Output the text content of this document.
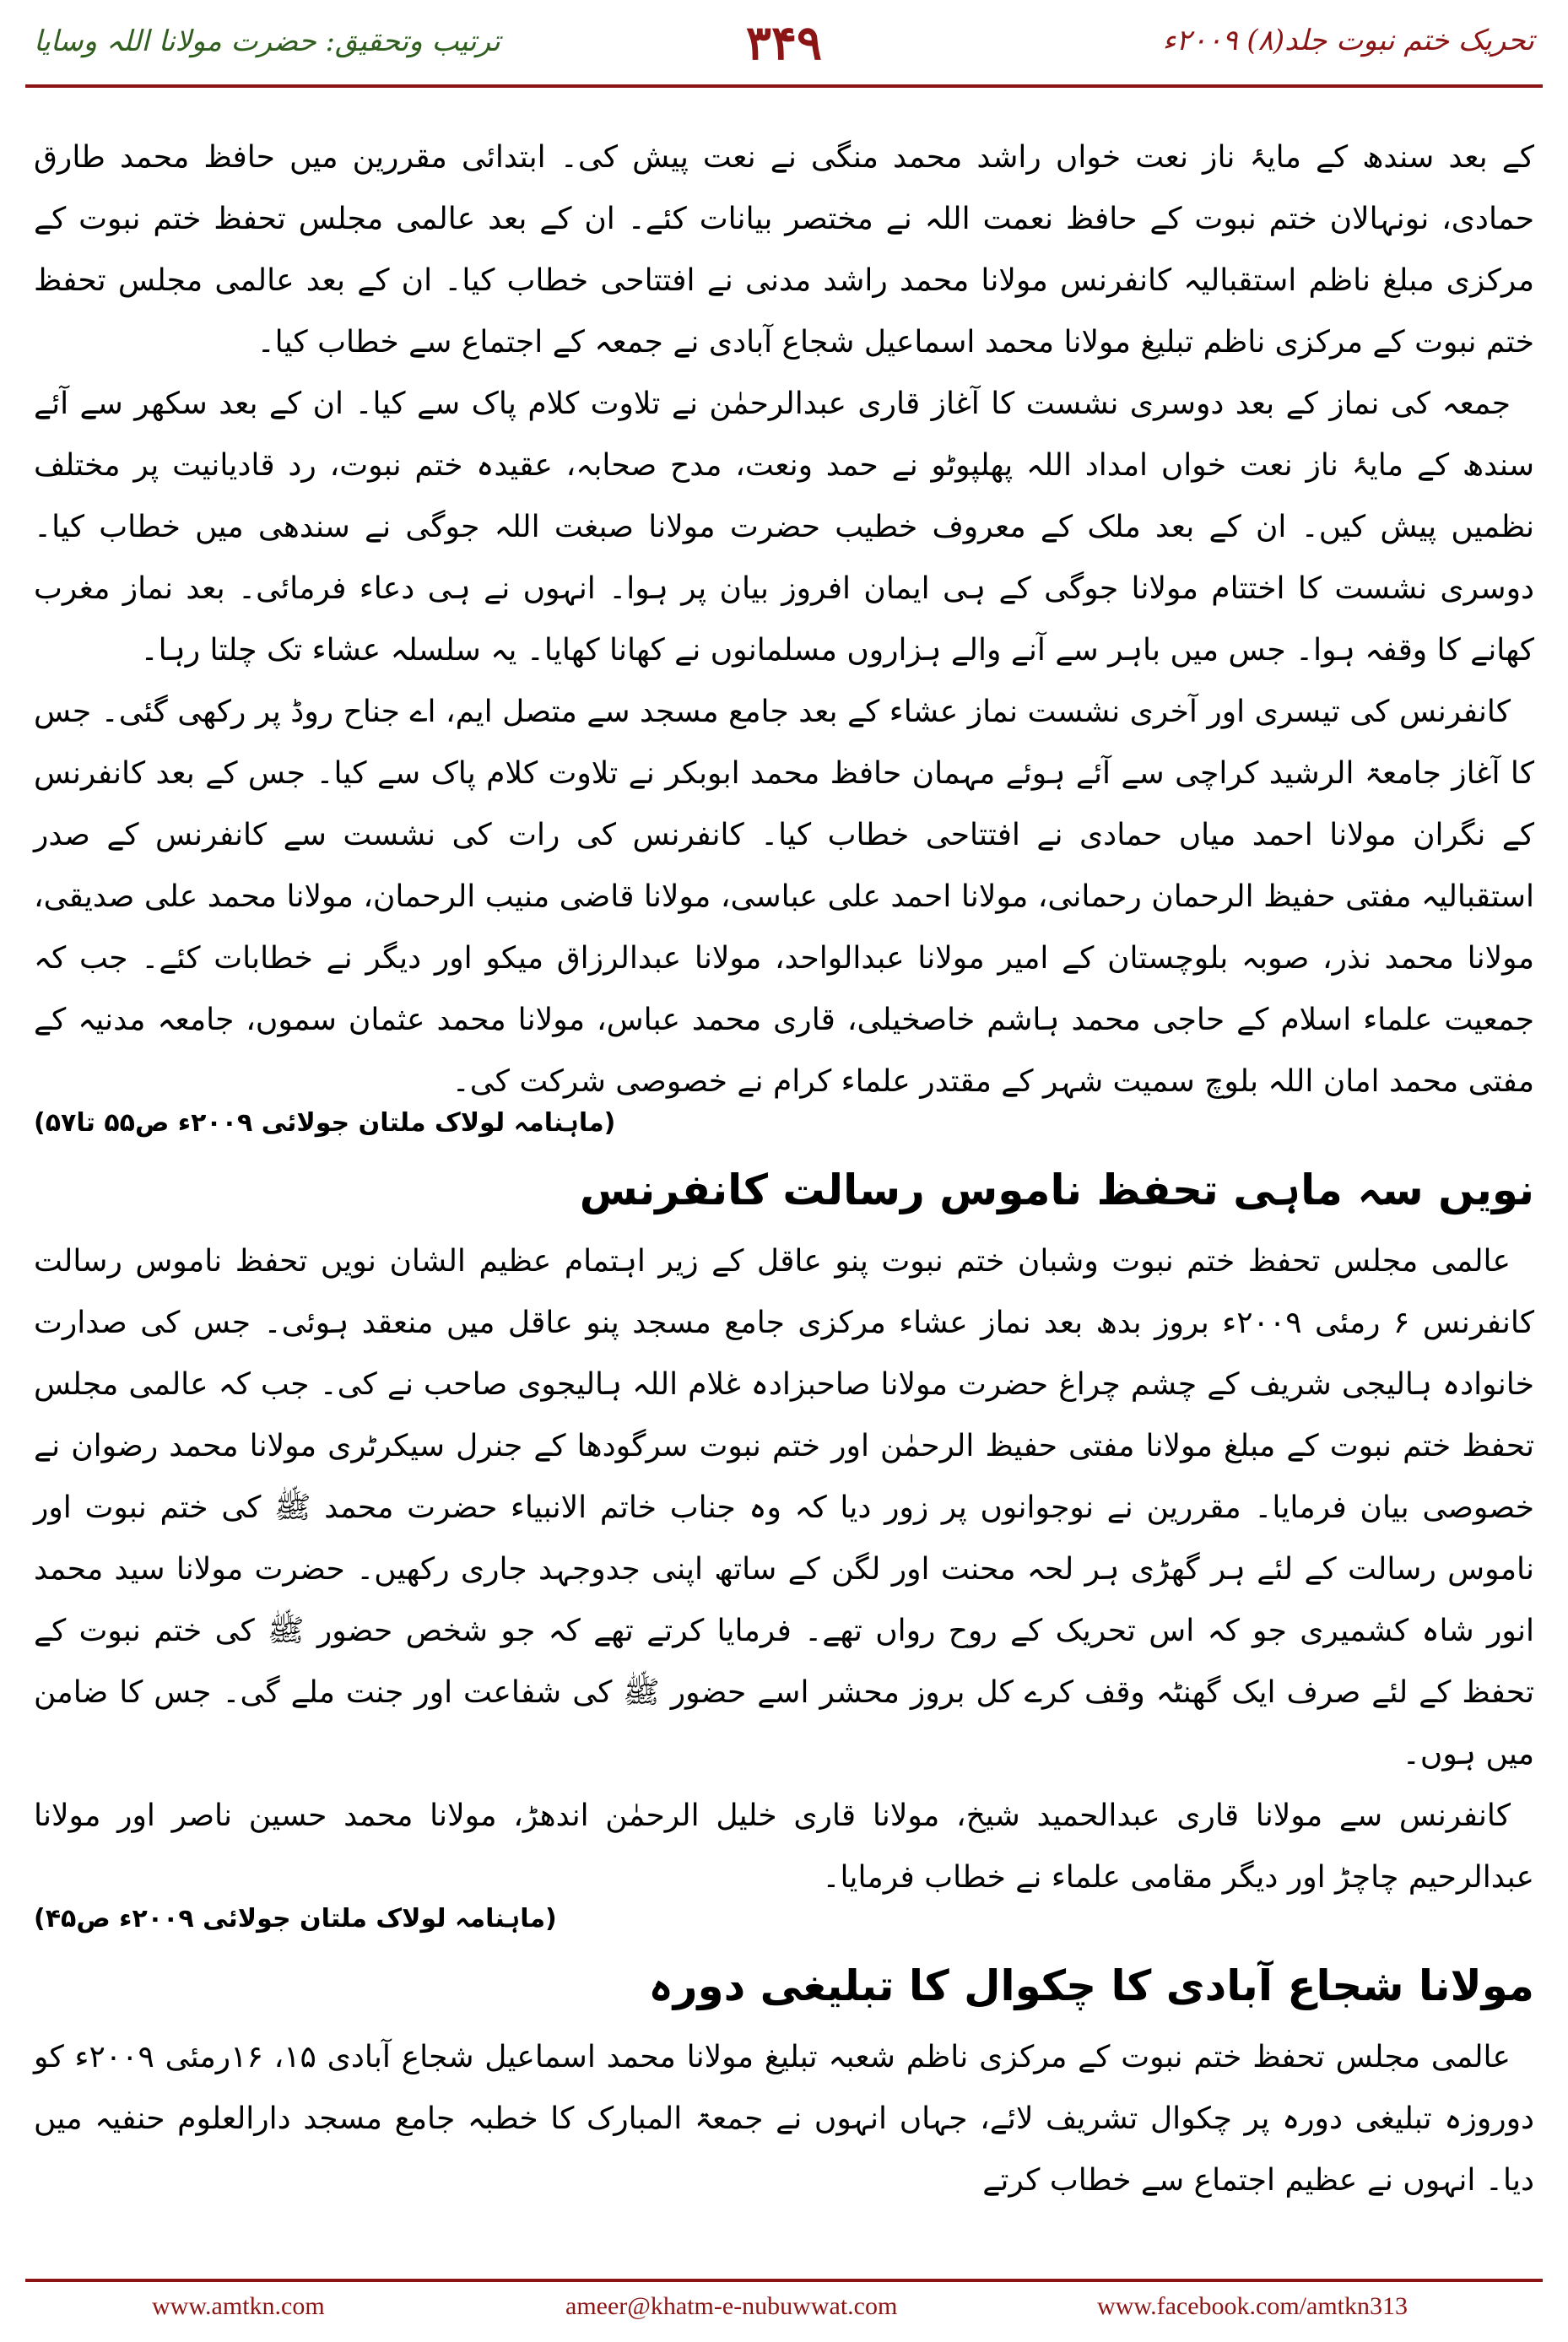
ترتیب وتحقیق: حضرت مولانا اللہ وسایا	۳۴۹	تحریک ختم نبوت جلد(۸) ۲۰۰۹ء

کے بعد سندھ کے مایۂ ناز نعت خواں راشد محمد منگی نے نعت پیش کی۔ ابتدائی مقررین میں حافظ محمد طارق حمادی، نونہالان ختم نبوت کے حافظ نعمت اللہ نے مختصر بیانات کئے۔ ان کے بعد عالمی مجلس تحفظ ختم نبوت کے مرکزی مبلغ ناظم استقبالیہ کانفرنس مولانا محمد راشد مدنی نے افتتاحی خطاب کیا۔ ان کے بعد عالمی مجلس تحفظ ختم نبوت کے مرکزی ناظم تبلیغ مولانا محمد اسماعیل شجاع آبادی نے جمعہ کے اجتماع سے خطاب کیا۔

جمعہ کی نماز کے بعد دوسری نشست کا آغاز قاری عبدالرحمٰن نے تلاوت کلام پاک سے کیا۔ ان کے بعد سکھر سے آئے سندھ کے مایۂ ناز نعت خواں امداد اللہ پھلپوٹو نے حمد ونعت، مدح صحابہ، عقیدہ ختم نبوت، رد قادیانیت پر مختلف نظمیں پیش کیں۔ ان کے بعد ملک کے معروف خطیب حضرت مولانا صبغت اللہ جوگی نے سندھی میں خطاب کیا۔ دوسری نشست کا اختتام مولانا جوگی کے ہی ایمان افروز بیان پر ہوا۔ انہوں نے ہی دعاء فرمائی۔ بعد نماز مغرب کھانے کا وقفہ ہوا۔ جس میں باہر سے آنے والے ہزاروں مسلمانوں نے کھانا کھایا۔ یہ سلسلہ عشاء تک چلتا رہا۔

کانفرنس کی تیسری اور آخری نشست نماز عشاء کے بعد جامع مسجد سے متصل ایم، اے جناح روڈ پر رکھی گئی۔ جس کا آغاز جامعۃ الرشید کراچی سے آئے ہوئے مہمان حافظ محمد ابوبکر نے تلاوت کلام پاک سے کیا۔ جس کے بعد کانفرنس کے نگران مولانا احمد میاں حمادی نے افتتاحی خطاب کیا۔ کانفرنس کی رات کی نشست سے کانفرنس کے صدر استقبالیہ مفتی حفیظ الرحمان رحمانی، مولانا احمد علی عباسی، مولانا قاضی منیب الرحمان، مولانا محمد علی صدیقی، مولانا محمد نذر، صوبہ بلوچستان کے امیر مولانا عبدالواحد، مولانا عبدالرزاق میکو اور دیگر نے خطابات کئے۔ جب کہ جمعیت علماء اسلام کے حاجی محمد ہاشم خاصخیلی، قاری محمد عباس، مولانا محمد عثمان سموں، جامعہ مدنیہ کے مفتی محمد امان اللہ بلوچ سمیت شہر کے مقتدر علماء کرام نے خصوصی شرکت کی۔

(ماہنامہ لولاک ملتان جولائی ۲۰۰۹ء ص۵۵ تا۵۷)
نویں سہ ماہی تحفظ ناموس رسالت کانفرنس

عالمی مجلس تحفظ ختم نبوت وشبان ختم نبوت پنو عاقل کے زیر اہتمام عظیم الشان نویں تحفظ ناموس رسالت کانفرنس ۶ رمئی ۲۰۰۹ء بروز بدھ بعد نماز عشاء مرکزی جامع مسجد پنو عاقل میں منعقد ہوئی۔ جس کی صدارت خانوادہ ہالیجی شریف کے چشم چراغ حضرت مولانا صاحبزادہ غلام اللہ ہالیجوی صاحب نے کی۔ جب کہ عالمی مجلس تحفظ ختم نبوت کے مبلغ مولانا مفتی حفیظ الرحمٰن اور ختم نبوت سرگودھا کے جنرل سیکرٹری مولانا محمد رضوان نے خصوصی بیان فرمایا۔ مقررین نے نوجوانوں پر زور دیا کہ وہ جناب خاتم الانبیاء حضرت محمد ﷺ کی ختم نبوت اور ناموس رسالت کے لئے ہر گھڑی ہر لحہ محنت اور لگن کے ساتھ اپنی جدوجہد جاری رکھیں۔ حضرت مولانا سید محمد انور شاہ کشمیری جو کہ اس تحریک کے روح رواں تھے۔ فرمایا کرتے تھے کہ جو شخص حضور ﷺ کی ختم نبوت کے تحفظ کے لئے صرف ایک گھنٹہ وقف کرے کل بروز محشر اسے حضور ﷺ کی شفاعت اور جنت ملے گی۔ جس کا ضامن میں ہوں۔

کانفرنس سے مولانا قاری عبدالحمید شیخ، مولانا قاری خلیل الرحمٰن اندھڑ، مولانا محمد حسین ناصر اور مولانا عبدالرحیم چاچڑ اور دیگر مقامی علماء نے خطاب فرمایا۔

(ماہنامہ لولاک ملتان جولائی ۲۰۰۹ء ص۴۵)
مولانا شجاع آبادی کا چکوال کا تبلیغی دورہ

عالمی مجلس تحفظ ختم نبوت کے مرکزی ناظم شعبہ تبلیغ مولانا محمد اسماعیل شجاع آبادی ۱۵، ۱۶رمئی ۲۰۰۹ء کو دوروزہ تبلیغی دورہ پر چکوال تشریف لائے، جہاں انہوں نے جمعۃ المبارک کا خطبہ جامع مسجد دارالعلوم حنفیہ میں دیا۔ انہوں نے عظیم اجتماع سے خطاب کرتے

www.amtkn.com	ameer@khatm-e-nubuwwat.com	www.facebook.com/amtkn313
